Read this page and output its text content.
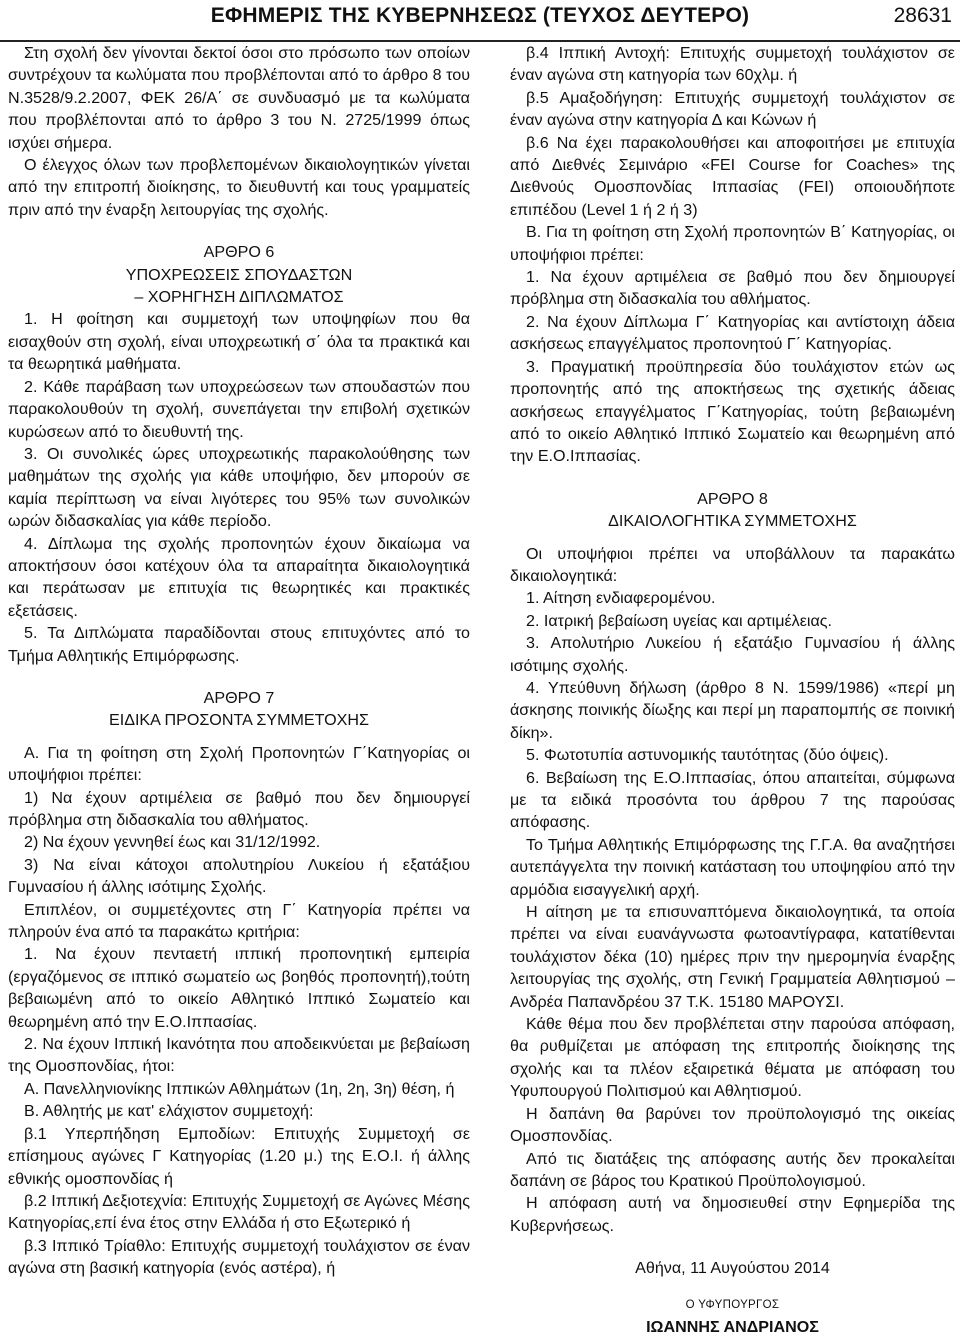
ΕΦΗΜΕΡΙΣ ΤΗΣ ΚΥΒΕΡΝΗΣΕΩΣ (ΤΕΥΧΟΣ ΔΕΥΤΕΡΟ)	28631

Στη σχολή δεν γίνονται δεκτοί όσοι στο πρόσωπο των οποίων συντρέχουν τα κωλύματα που προβλέπονται από το άρθρο 8 του Ν.3528/9.2.2007, ΦΕΚ 26/Α΄ σε συνδυασμό με τα κωλύματα που προβλέπονται από το άρθρο 3 του Ν. 2725/1999 όπως ισχύει σήμερα.

Ο έλεγχος όλων των προβλεπομένων δικαιολογητικών γίνεται από την επιτροπή διοίκησης, το διευθυντή και τους γραμματείς πριν από την έναρξη λειτουργίας της σχολής.

ΑΡΘΡΟ 6

ΥΠΟΧΡΕΩΣΕΙΣ ΣΠΟΥΔΑΣΤΩΝ

– ΧΟΡΗΓΗΣΗ ΔΙΠΛΩΜΑΤΟΣ

1. Η φοίτηση και συμμετοχή των υποψηφίων που θα εισαχθούν στη σχολή, είναι υποχρεωτική σ΄ όλα τα πρακτικά και τα θεωρητικά μαθήματα.

2. Κάθε παράβαση των υποχρεώσεων των σπουδαστών που παρακολουθούν τη σχολή, συνεπάγεται την επιβολή σχετικών κυρώσεων από το διευθυντή της.

3. Οι συνολικές ώρες υποχρεωτικής παρακολούθησης των μαθημάτων της σχολής για κάθε υποψήφιο, δεν μπορούν σε καμία περίπτωση να είναι λιγότερες του 95% των συνολικών ωρών διδασκαλίας για κάθε περίοδο.

4. Δίπλωμα της σχολής προπονητών έχουν δικαίωμα να αποκτήσουν όσοι κατέχουν όλα τα απαραίτητα δικαιολογητικά και περάτωσαν με επιτυχία τις θεωρητικές και πρακτικές εξετάσεις.

5. Τα Διπλώματα παραδίδονται στους επιτυχόντες από το Τμήμα Αθλητικής Επιμόρφωσης.

ΑΡΘΡΟ 7

ΕΙΔΙΚΑ ΠΡΟΣΟΝΤΑ ΣΥΜΜΕΤΟΧΗΣ

Α. Για τη φοίτηση στη Σχολή Προπονητών Γ΄Κατηγορίας οι υποψήφιοι πρέπει:

1) Να έχουν αρτιμέλεια σε βαθμό που δεν δημιουργεί πρόβλημα στη διδασκαλία του αθλήματος.

2) Να έχουν γεννηθεί έως και 31/12/1992.

3) Να είναι κάτοχοι απολυτηρίου Λυκείου ή εξατάξιου Γυμνασίου ή άλλης ισότιμης Σχολής.

Επιπλέον, οι συμμετέχοντες στη Γ΄ Κατηγορία πρέπει να πληρούν ένα από τα παρακάτω κριτήρια:

1. Να έχουν πενταετή ιππική προπονητική εμπειρία (εργαζόμενος σε ιππικό σωματείο ως βοηθός προπονητή),τούτη βεβαιωμένη από το οικείο Αθλητικό Ιππικό Σωματείο και θεωρημένη από την Ε.Ο.Ιππασίας.

2. Να έχουν Ιππική Ικανότητα που αποδεικνύεται με βεβαίωση της Ομοσπονδίας, ήτοι:

Α. Πανελληνιονίκης Ιππικών Αθλημάτων (1η, 2η, 3η) θέση, ή

Β. Αθλητής με κατ' ελάχιστον συμμετοχή:

β.1 Υπερπήδηση Εμποδίων: Επιτυχής Συμμετοχή σε επίσημους αγώνες Γ Κατηγορίας (1.20 μ.) της Ε.Ο.Ι. ή άλλης εθνικής ομοσπονδίας ή

β.2 Ιππική Δεξιοτεχνία: Επιτυχής Συμμετοχή σε Αγώνες Μέσης Κατηγορίας,επί ένα έτος στην Ελλάδα ή στο Εξωτερικό ή

β.3 Ιππικό Τρίαθλο: Επιτυχής συμμετοχή τουλάχιστον σε έναν αγώνα στη βασική κατηγορία (ενός αστέρα), ή

β.4 Ιππική Αντοχή: Επιτυχής συμμετοχή τουλάχιστον σε έναν αγώνα στη κατηγορία των 60χλμ. ή

β.5 Αμαξοδήγηση: Επιτυχής συμμετοχή τουλάχιστον σε έναν αγώνα στην κατηγορία Δ και Κώνων ή

β.6 Να έχει παρακολουθήσει και αποφοιτήσει με επιτυχία από Διεθνές Σεμινάριο «FEI Course for Coaches» της Διεθνούς Ομοσπονδίας Ιππασίας (FEI) οποιουδήποτε επιπέδου (Level 1 ή 2 ή 3)

Β. Για τη φοίτηση στη Σχολή προπονητών Β΄ Κατηγορίας, οι υποψήφιοι πρέπει:

1. Να έχουν αρτιμέλεια σε βαθμό που δεν δημιουργεί πρόβλημα στη διδασκαλία του αθλήματος.

2. Να έχουν Δίπλωμα Γ΄ Κατηγορίας και αντίστοιχη άδεια ασκήσεως επαγγέλματος προπονητού Γ΄ Κατηγορίας.

3. Πραγματική προϋπηρεσία δύο τουλάχιστον ετών ως προπονητής από της αποκτήσεως της σχετικής άδειας ασκήσεως επαγγέλματος Γ΄Κατηγορίας, τούτη βεβαιωμένη από το οικείο Αθλητικό Ιππικό Σωματείο και θεωρημένη από την Ε.Ο.Ιππασίας.

ΑΡΘΡΟ 8

ΔΙΚΑΙΟΛΟΓΗΤΙΚΑ ΣΥΜΜΕΤΟΧΗΣ

Οι υποψήφιοι πρέπει να υποβάλλουν τα παρακάτω δικαιολογητικά:

1. Αίτηση ενδιαφερομένου.

2. Ιατρική βεβαίωση υγείας και αρτιμέλειας.

3. Απολυτήριο Λυκείου ή εξατάξιο Γυμνασίου ή άλλης ισότιμης σχολής.

4. Υπεύθυνη δήλωση (άρθρο 8 Ν. 1599/1986) «περί μη άσκησης ποινικής δίωξης και περί μη παραπομπής σε ποινική δίκη».

5. Φωτοτυπία αστυνομικής ταυτότητας (δύο όψεις).

6. Βεβαίωση της Ε.Ο.Ιππασίας, όπου απαιτείται, σύμφωνα με τα ειδικά προσόντα του άρθρου 7 της παρούσας απόφασης.

Το Τμήμα Αθλητικής Επιμόρφωσης της Γ.Γ.Α. θα αναζητήσει αυτεπάγγελτα την ποινική κατάσταση του υποψηφίου από την αρμόδια εισαγγελική αρχή.

Η αίτηση με τα επισυναπτόμενα δικαιολογητικά, τα οποία πρέπει να είναι ευανάγνωστα φωτοαντίγραφα, κατατίθενται τουλάχιστον δέκα (10) ημέρες πριν την ημερομηνία έναρξης λειτουργίας της σχολής, στη Γενική Γραμματεία Αθλητισμού – Ανδρέα Παπανδρέου 37 Τ.Κ. 15180 ΜΑΡΟΥΣΙ.

Κάθε θέμα που δεν προβλέπεται στην παρούσα απόφαση, θα ρυθμίζεται με απόφαση της επιτροπής διοίκησης της σχολής και τα πλέον εξαιρετικά θέματα με απόφαση του Υφυπουργού Πολιτισμού και Αθλητισμού.

Η δαπάνη θα βαρύνει τον προϋπολογισμό της οικείας Ομοσπονδίας.

Από τις διατάξεις της απόφασης αυτής δεν προκαλείται δαπάνη σε βάρος του Κρατικού Προϋπολογισμού.

Η απόφαση αυτή να δημοσιευθεί στην Εφημερίδα της Κυβερνήσεως.

Αθήνα, 11 Αυγούστου 2014

Ο ΥΦΥΠΟΥΡΓΟΣ

ΙΩΑΝΝΗΣ ΑΝΔΡΙΑΝΟΣ
